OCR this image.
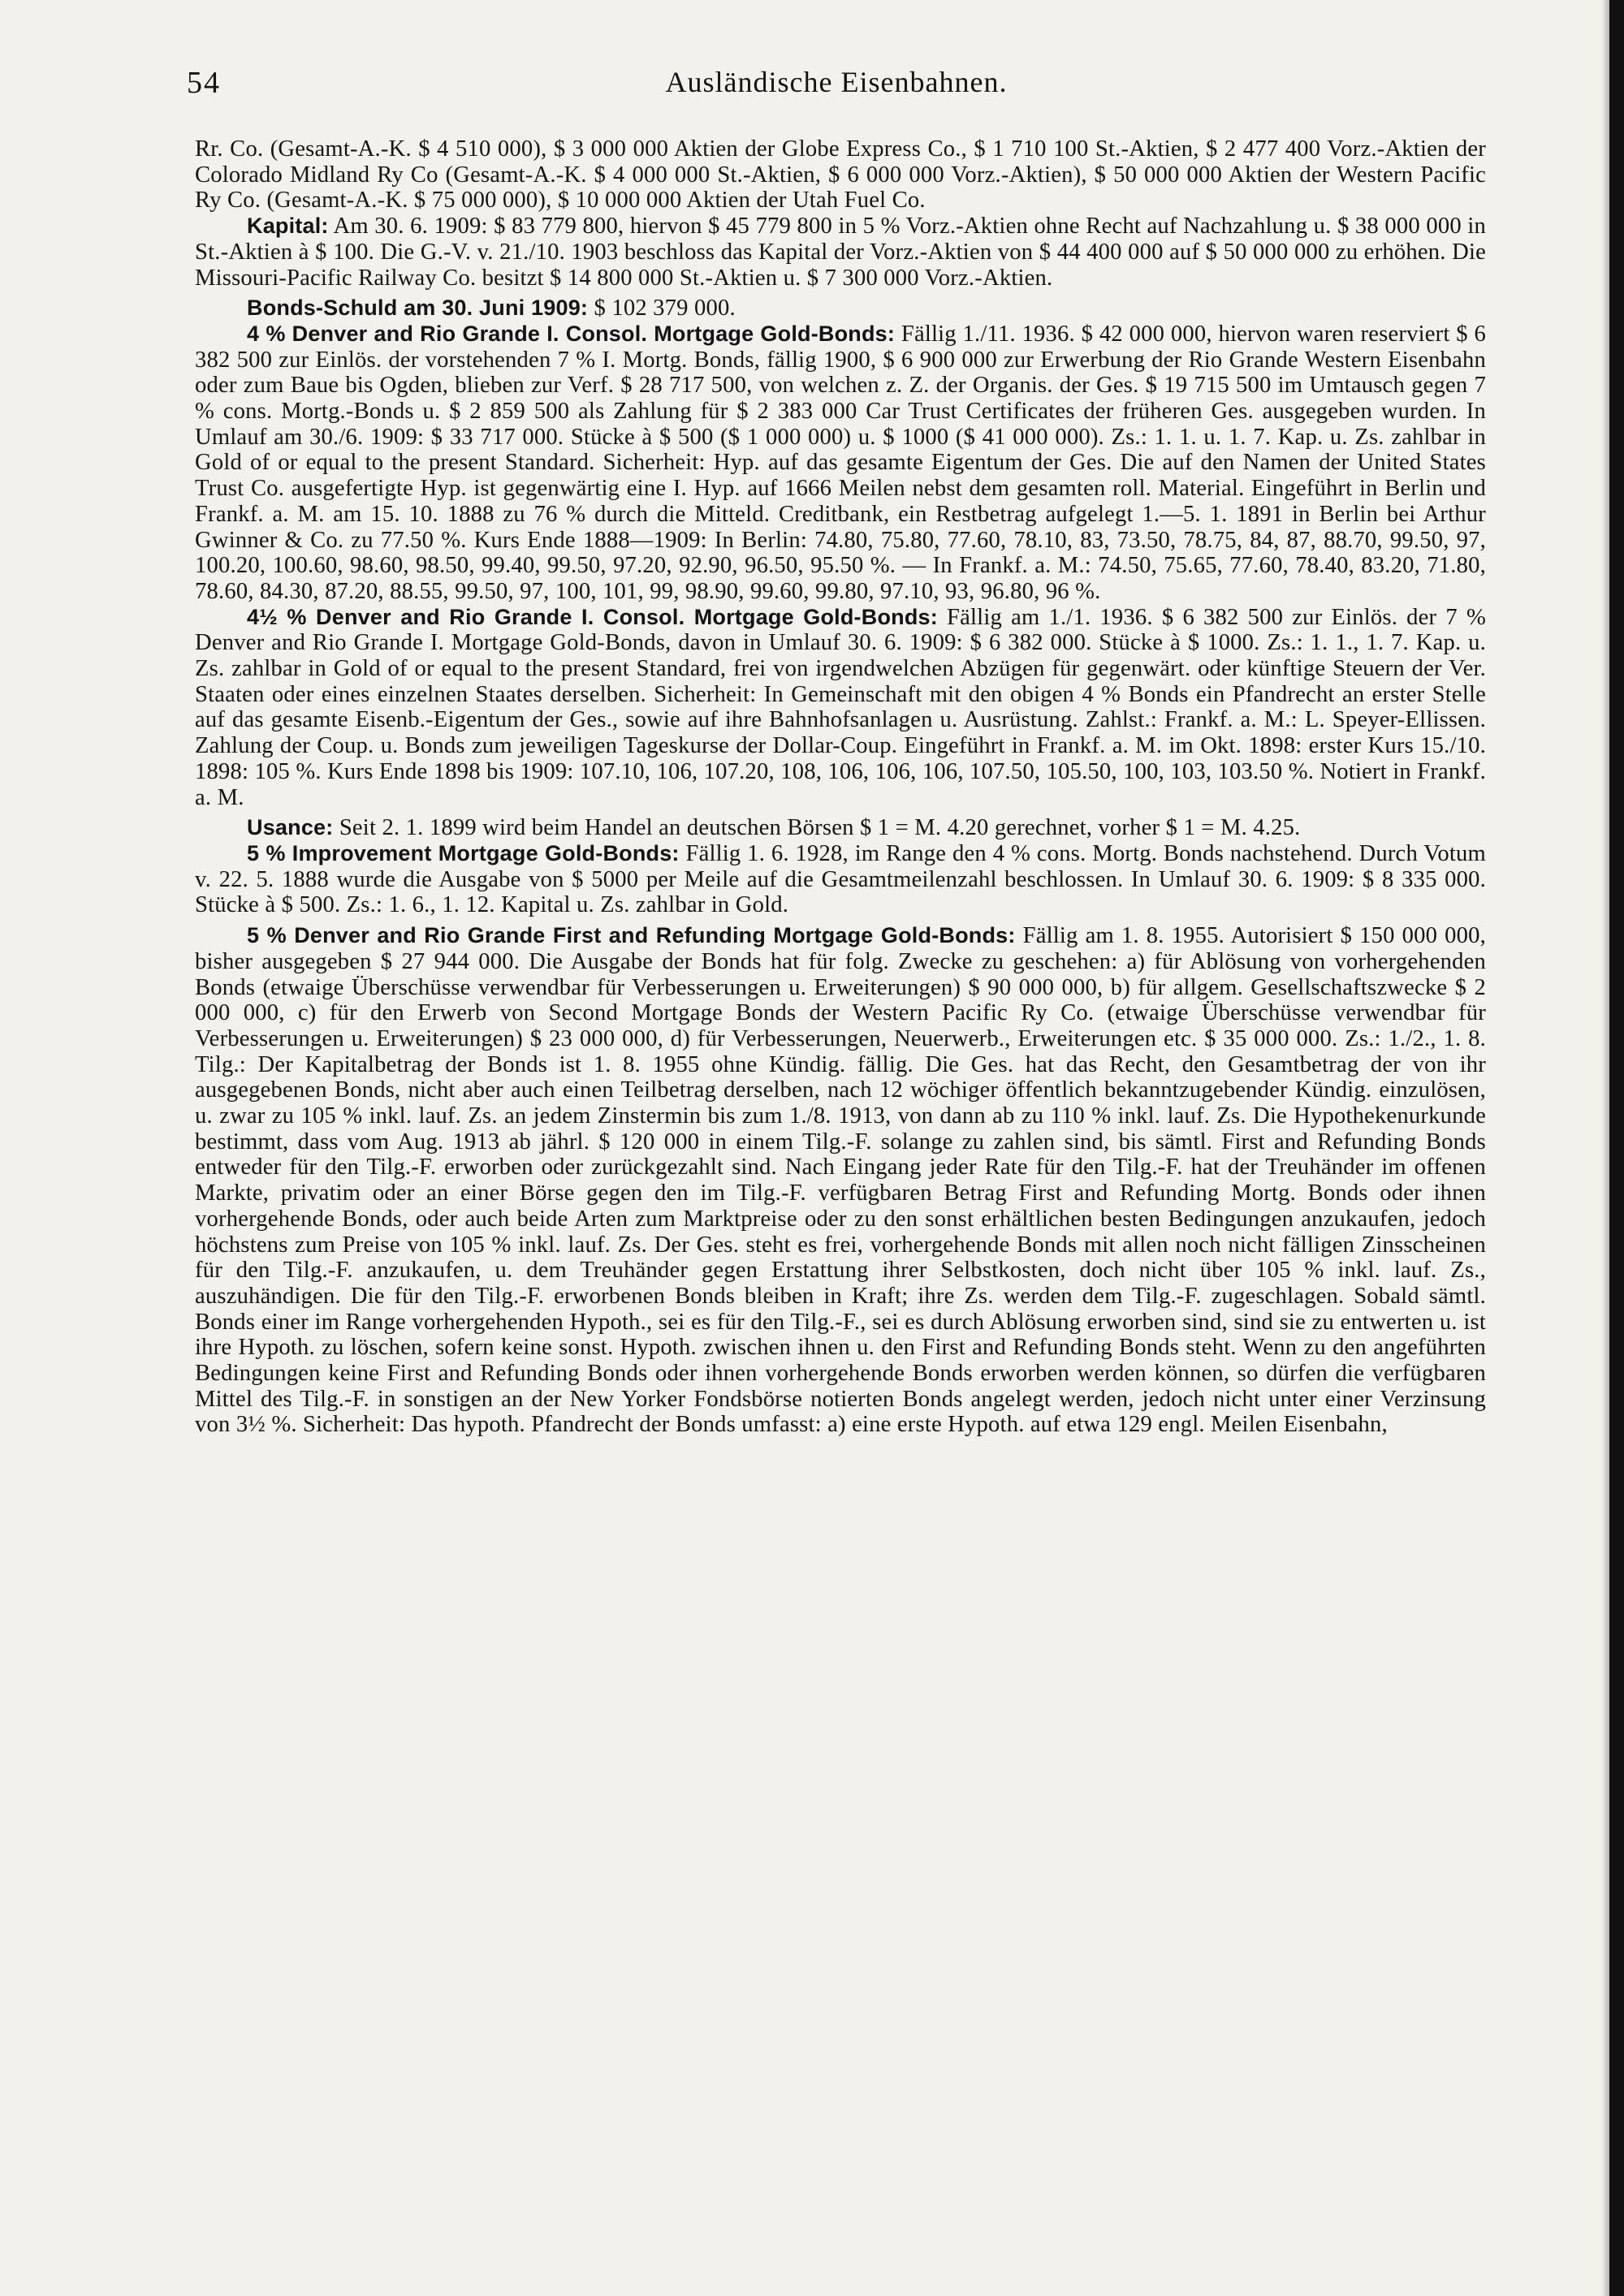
54	Ausländische Eisenbahnen.

Rr. Co. (Gesamt-A.-K. $ 4 510 000), $ 3 000 000 Aktien der Globe Express Co., $ 1 710 100 St.-Aktien, $ 2 477 400 Vorz.-Aktien der Colorado Midland Ry Co (Gesamt-A.-K. $ 4 000 000 St.-Aktien, $ 6 000 000 Vorz.-Aktien), $ 50 000 000 Aktien der Western Pacific Ry Co. (Gesamt-A.-K. $ 75 000 000), $ 10 000 000 Aktien der Utah Fuel Co.

Kapital: Am 30. 6. 1909: $ 83 779 800, hiervon $ 45 779 800 in 5 % Vorz.-Aktien ohne Recht auf Nachzahlung u. $ 38 000 000 in St.-Aktien à $ 100. Die G.-V. v. 21./10. 1903 beschloss das Kapital der Vorz.-Aktien von $ 44 400 000 auf $ 50 000 000 zu erhöhen. Die Missouri-Pacific Railway Co. besitzt $ 14 800 000 St.-Aktien u. $ 7 300 000 Vorz.-Aktien.

Bonds-Schuld am 30. Juni 1909: $ 102 379 000.

4 % Denver and Rio Grande I. Consol. Mortgage Gold-Bonds: Fällig 1./11. 1936. $ 42 000 000, hiervon waren reserviert $ 6 382 500 zur Einlös. der vorstehenden 7 % I. Mortg. Bonds, fällig 1900, $ 6 900 000 zur Erwerbung der Rio Grande Western Eisenbahn oder zum Baue bis Ogden, blieben zur Verf. $ 28 717 500, von welchen z. Z. der Organis. der Ges. $ 19 715 500 im Umtausch gegen 7 % cons. Mortg.-Bonds u. $ 2 859 500 als Zahlung für $ 2 383 000 Car Trust Certificates der früheren Ges. ausgegeben wurden. In Umlauf am 30./6. 1909: $ 33 717 000. Stücke à $ 500 ($ 1 000 000) u. $ 1000 ($ 41 000 000). Zs.: 1. 1. u. 1. 7. Kap. u. Zs. zahlbar in Gold of or equal to the present Standard. Sicherheit: Hyp. auf das gesamte Eigentum der Ges. Die auf den Namen der United States Trust Co. ausgefertigte Hyp. ist gegenwärtig eine I. Hyp. auf 1666 Meilen nebst dem gesamten roll. Material. Eingeführt in Berlin und Frankf. a. M. am 15. 10. 1888 zu 76 % durch die Mitteld. Creditbank, ein Restbetrag aufgelegt 1.—5. 1. 1891 in Berlin bei Arthur Gwinner & Co. zu 77.50 %. Kurs Ende 1888—1909: In Berlin: 74.80, 75.80, 77.60, 78.10, 83, 73.50, 78.75, 84, 87, 88.70, 99.50, 97, 100.20, 100.60, 98.60, 98.50, 99.40, 99.50, 97.20, 92.90, 96.50, 95.50 %. — In Frankf. a. M.: 74.50, 75.65, 77.60, 78.40, 83.20, 71.80, 78.60, 84.30, 87.20, 88.55, 99.50, 97, 100, 101, 99, 98.90, 99.60, 99.80, 97.10, 93, 96.80, 96 %.

4½ % Denver and Rio Grande I. Consol. Mortgage Gold-Bonds: Fällig am 1./1. 1936. $ 6 382 500 zur Einlös. der 7 % Denver and Rio Grande I. Mortgage Gold-Bonds, davon in Umlauf 30. 6. 1909: $ 6 382 000. Stücke à $ 1000. Zs.: 1. 1., 1. 7. Kap. u. Zs. zahlbar in Gold of or equal to the present Standard, frei von irgendwelchen Abzügen für gegenwärt. oder künftige Steuern der Ver. Staaten oder eines einzelnen Staates derselben. Sicherheit: In Gemeinschaft mit den obigen 4 % Bonds ein Pfandrecht an erster Stelle auf das gesamte Eisenb.-Eigentum der Ges., sowie auf ihre Bahnhofsanlagen u. Ausrüstung. Zahlst.: Frankf. a. M.: L. Speyer-Ellissen. Zahlung der Coup. u. Bonds zum jeweiligen Tageskurse der Dollar-Coup. Eingeführt in Frankf. a. M. im Okt. 1898: erster Kurs 15./10. 1898: 105 %. Kurs Ende 1898 bis 1909: 107.10, 106, 107.20, 108, 106, 106, 106, 107.50, 105.50, 100, 103, 103.50 %. Notiert in Frankf. a. M.

Usance: Seit 2. 1. 1899 wird beim Handel an deutschen Börsen $ 1 = M. 4.20 gerechnet, vorher $ 1 = M. 4.25.

5 % Improvement Mortgage Gold-Bonds: Fällig 1. 6. 1928, im Range den 4 % cons. Mortg. Bonds nachstehend. Durch Votum v. 22. 5. 1888 wurde die Ausgabe von $ 5000 per Meile auf die Gesamtmeilenzahl beschlossen. In Umlauf 30. 6. 1909: $ 8 335 000. Stücke à $ 500. Zs.: 1. 6., 1. 12. Kapital u. Zs. zahlbar in Gold.

5 % Denver and Rio Grande First and Refunding Mortgage Gold-Bonds: Fällig am 1. 8. 1955. Autorisiert $ 150 000 000, bisher ausgegeben $ 27 944 000. Die Ausgabe der Bonds hat für folg. Zwecke zu geschehen: a) für Ablösung von vorhergehenden Bonds (etwaige Überschüsse verwendbar für Verbesserungen u. Erweiterungen) $ 90 000 000, b) für allgem. Gesellschaftszwecke $ 2 000 000, c) für den Erwerb von Second Mortgage Bonds der Western Pacific Ry Co. (etwaige Überschüsse verwendbar für Verbesserungen u. Erweiterungen) $ 23 000 000, d) für Verbesserungen, Neuerwerb., Erweiterungen etc. $ 35 000 000. Zs.: 1./2., 1. 8. Tilg.: Der Kapitalbetrag der Bonds ist 1. 8. 1955 ohne Kündig. fällig. Die Ges. hat das Recht, den Gesamtbetrag der von ihr ausgegebenen Bonds, nicht aber auch einen Teilbetrag derselben, nach 12 wöchiger öffentlich bekanntzugebender Kündig. einzulösen, u. zwar zu 105 % inkl. lauf. Zs. an jedem Zinstermin bis zum 1./8. 1913, von dann ab zu 110 % inkl. lauf. Zs. Die Hypothekenurkunde bestimmt, dass vom Aug. 1913 ab jährl. $ 120 000 in einem Tilg.-F. solange zu zahlen sind, bis sämtl. First and Refunding Bonds entweder für den Tilg.-F. erworben oder zurückgezahlt sind. Nach Eingang jeder Rate für den Tilg.-F. hat der Treuhänder im offenen Markte, privatim oder an einer Börse gegen den im Tilg.-F. verfügbaren Betrag First and Refunding Mortg. Bonds oder ihnen vorhergehende Bonds, oder auch beide Arten zum Marktpreise oder zu den sonst erhältlichen besten Bedingungen anzukaufen, jedoch höchstens zum Preise von 105 % inkl. lauf. Zs. Der Ges. steht es frei, vorhergehende Bonds mit allen noch nicht fälligen Zinsscheinen für den Tilg.-F. anzukaufen, u. dem Treuhänder gegen Erstattung ihrer Selbstkosten, doch nicht über 105 % inkl. lauf. Zs., auszuhändigen. Die für den Tilg.-F. erworbenen Bonds bleiben in Kraft; ihre Zs. werden dem Tilg.-F. zugeschlagen. Sobald sämtl. Bonds einer im Range vorhergehenden Hypoth., sei es für den Tilg.-F., sei es durch Ablösung erworben sind, sind sie zu entwerten u. ist ihre Hypoth. zu löschen, sofern keine sonst. Hypoth. zwischen ihnen u. den First and Refunding Bonds steht. Wenn zu den angeführten Bedingungen keine First and Refunding Bonds oder ihnen vorhergehende Bonds erworben werden können, so dürfen die verfügbaren Mittel des Tilg.-F. in sonstigen an der New Yorker Fondsbörse notierten Bonds angelegt werden, jedoch nicht unter einer Verzinsung von 3½ %. Sicherheit: Das hypoth. Pfandrecht der Bonds umfasst: a) eine erste Hypoth. auf etwa 129 engl. Meilen Eisenbahn,
